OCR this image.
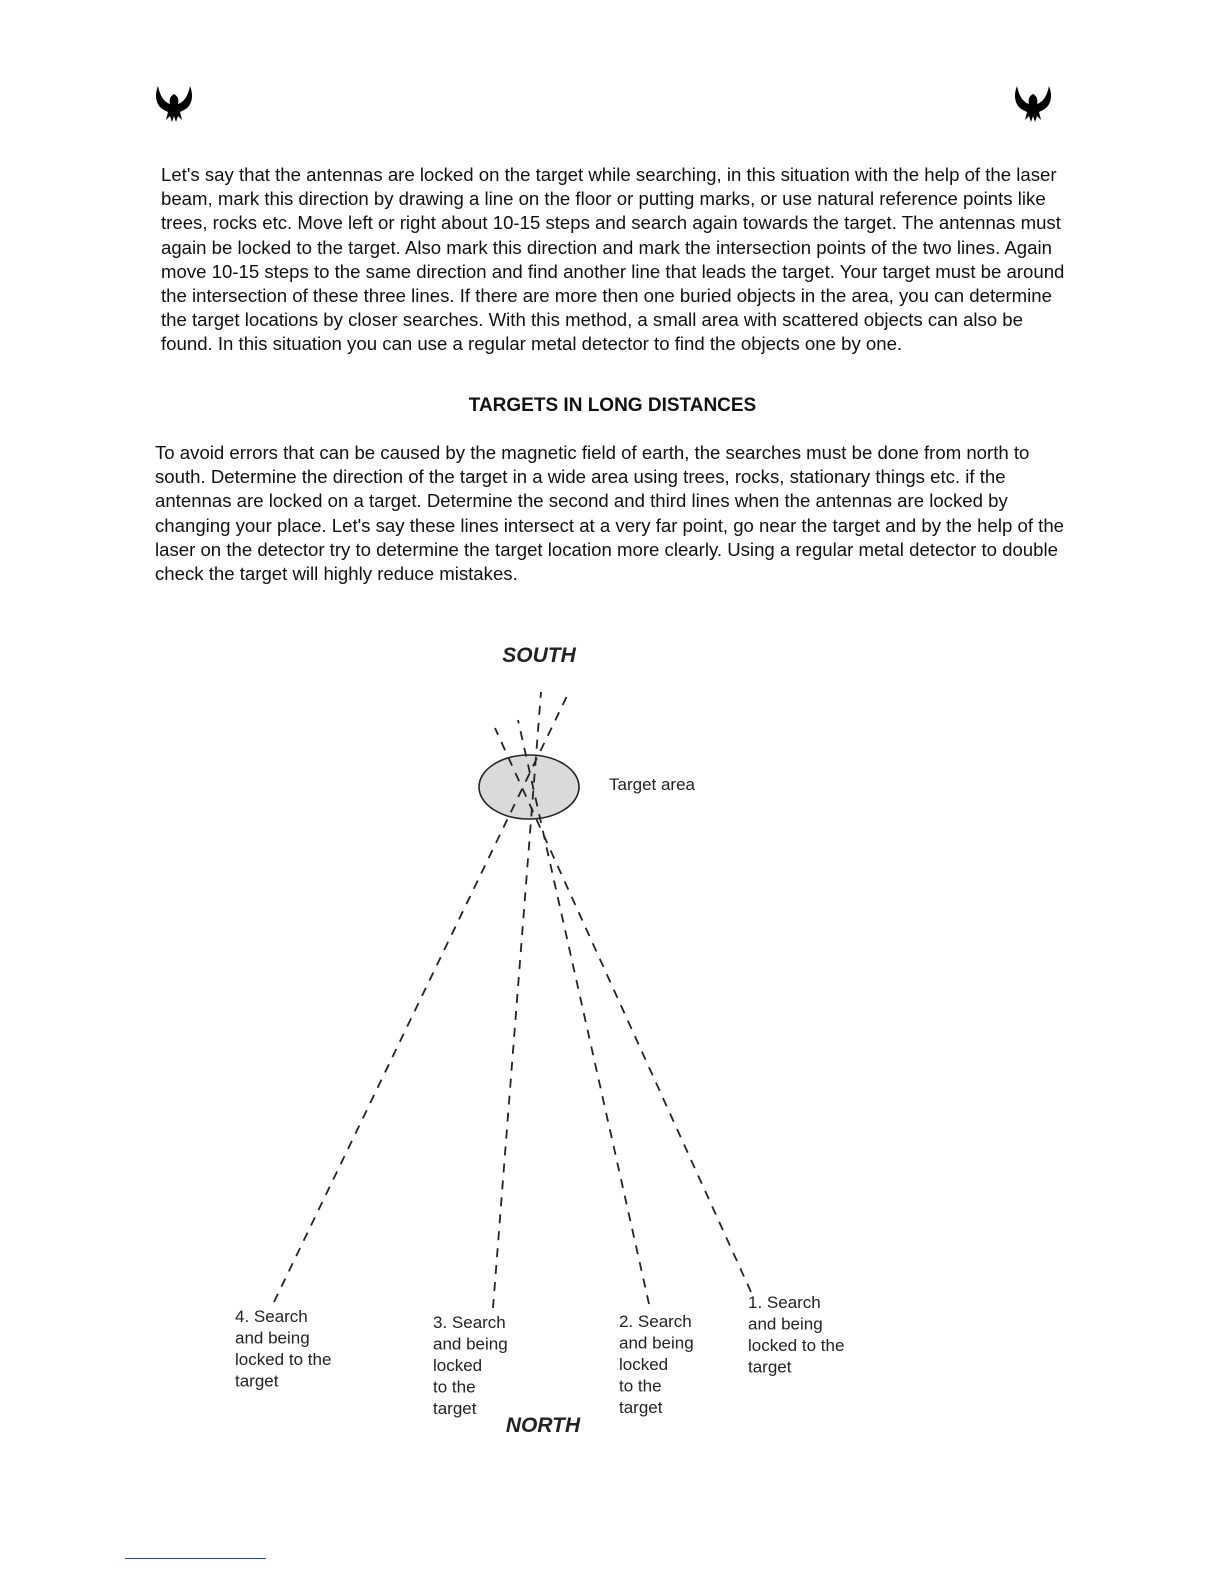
Let's say that the antennas are locked on the target while searching, in this situation with the help of the laser beam, mark this direction by drawing a line on the floor or putting marks, or use natural reference points like trees, rocks etc. Move left or right about 10-15 steps and search again towards the target. The antennas must again be locked to the target. Also mark this direction and mark the intersection points of the two lines. Again move 10-15 steps to the same direction and find another line that leads the target. Your target must be around the intersection of these three lines. If there are more then one buried objects in the area, you can determine the target locations by closer searches. With this method, a small area with scattered objects can also be found. In this situation you can use a regular metal detector to find the objects one by one.

TARGETS IN LONG DISTANCES

To avoid errors that can be caused by the magnetic field of earth, the searches must be done from north to south. Determine the direction of the target in a wide area using trees, rocks, stationary things etc. if the antennas are locked on a target. Determine the second and third lines when the antennas are locked by changing your place. Let's say these lines intersect at a very far point, go near the target and by the help of the laser on the detector try to determine the target location more clearly. Using a regular metal detector to double check the target will highly reduce mistakes.

SOUTH
Target area
1. Search and being locked to the target
2. Search and being locked to the target
3. Search and being locked to the target
4. Search and being locked to the target
NORTH
